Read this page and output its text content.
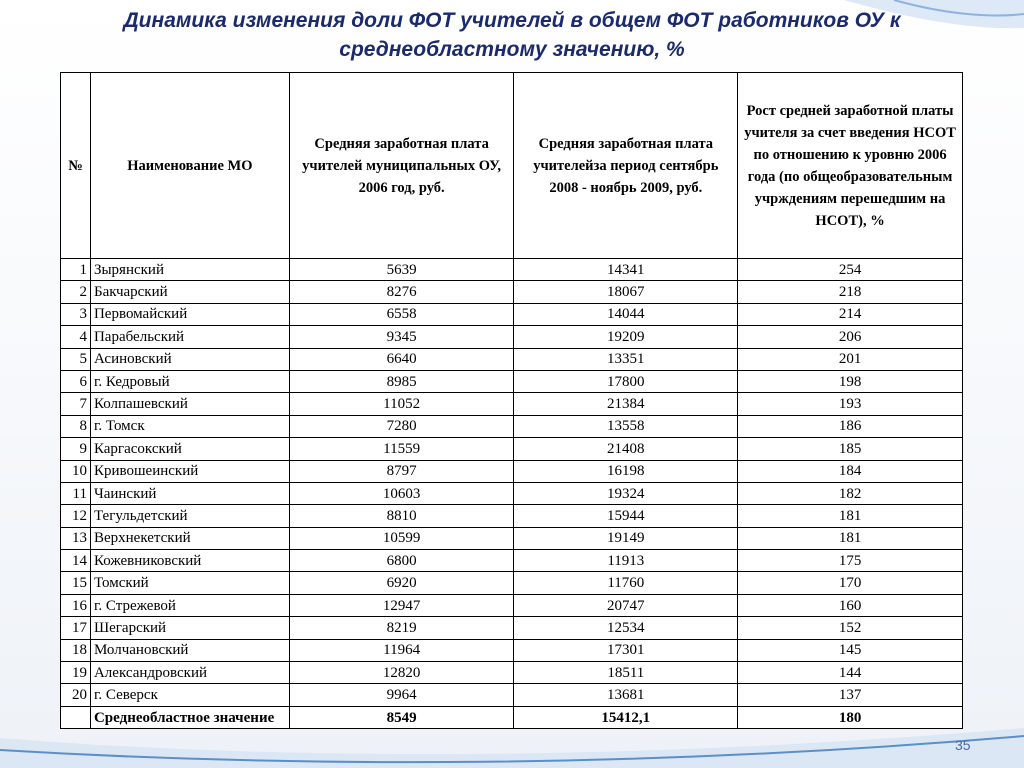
Динамика изменения доли ФОТ учителей в общем ФОТ работников ОУ к
среднеобластному значению, %
№	Наименование МО	Средняя заработная плата учителей муниципальных ОУ, 2006 год, руб.	Средняя заработная плата учителейза период сентябрь 2008 - ноябрь 2009, руб.	Рост средней заработной платы учителя за счет введения НСОТ по отношению к уровню 2006 года (по общеобразовательным учрждениям перешедшим на НСОТ), %
1	Зырянский	5639	14341	254
2	Бакчарский	8276	18067	218
3	Первомайский	6558	14044	214
4	Парабельский	9345	19209	206
5	Асиновский	6640	13351	201
6	г. Кедровый	8985	17800	198
7	Колпашевский	11052	21384	193
8	г. Томск	7280	13558	186
9	Каргасокский	11559	21408	185
10	Кривошеинский	8797	16198	184
11	Чаинский	10603	19324	182
12	Тегульдетский	8810	15944	181
13	Верхнекетский	10599	19149	181
14	Кожевниковский	6800	11913	175
15	Томский	6920	11760	170
16	г. Стрежевой	12947	20747	160
17	Шегарский	8219	12534	152
18	Молчановский	11964	17301	145
19	Александровский	12820	18511	144
20	г. Северск	9964	13681	137
	Среднеобластное значение	8549	15412,1	180
35
